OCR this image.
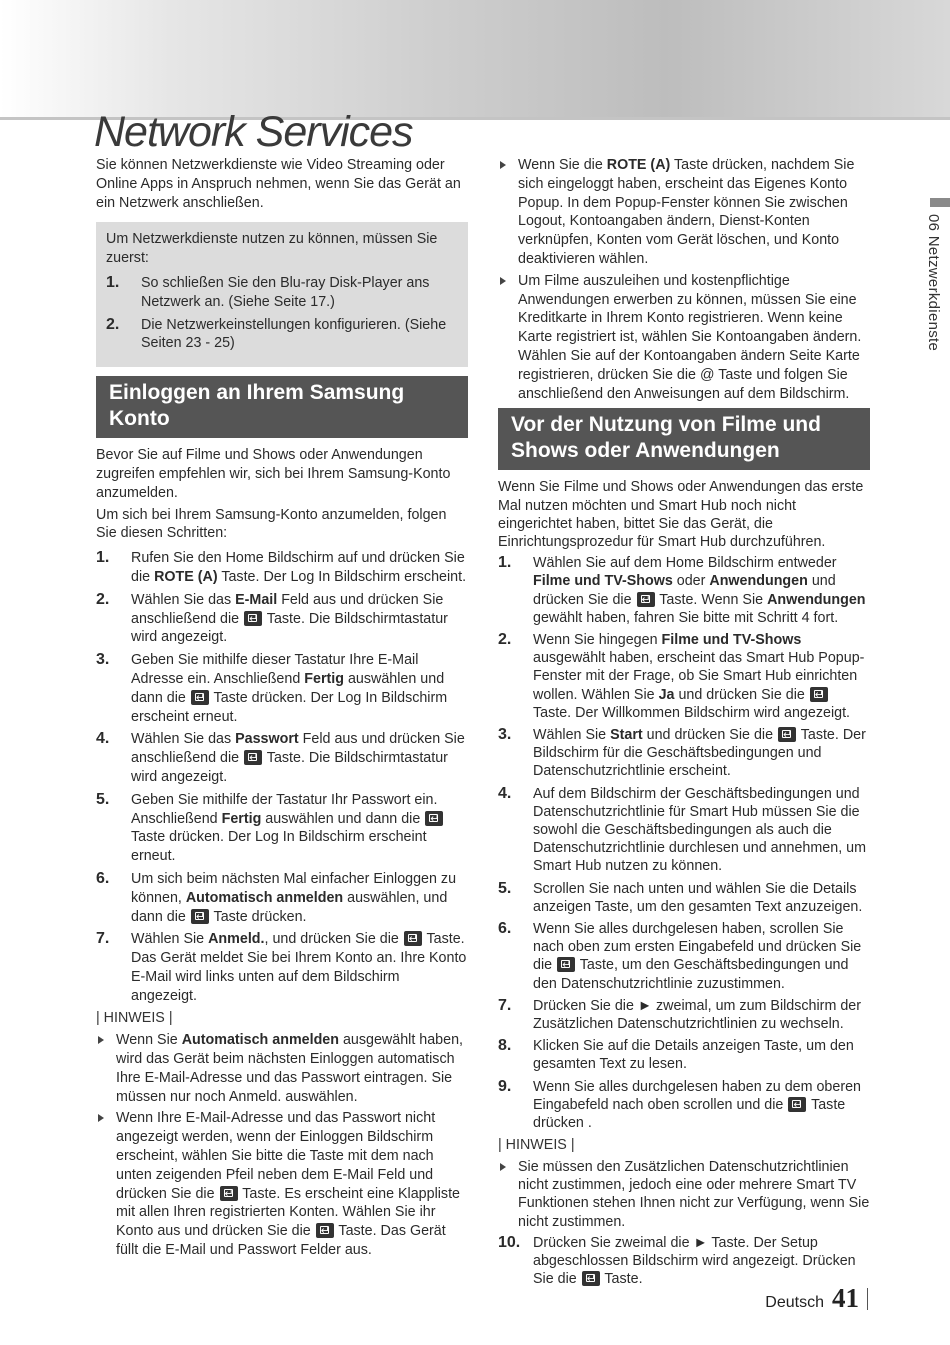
Network Services
06 Netzwerkdienste

Sie können Netzwerkdienste wie Video Streaming oder Online Apps in Anspruch nehmen, wenn Sie das Gerät an ein Netzwerk anschließen.

Um Netzwerkdienste nutzen zu können, müssen Sie zuerst:

1. So schließen Sie den Blu-ray Disk-Player ans Netzwerk an. (Siehe Seite 17.)
2. Die Netzwerkeinstellungen konfigurieren. (Siehe Seiten 23 - 25)
Einloggen an Ihrem Samsung Konto

Bevor Sie auf Filme und Shows oder Anwendungen zugreifen empfehlen wir, sich bei Ihrem Samsung-Konto anzumelden.

Um sich bei Ihrem Samsung-Konto anzumelden, folgen Sie diesen Schritten:

1. Rufen Sie den Home Bildschirm auf und drücken Sie die ROTE (A) Taste. Der Log In Bildschirm erscheint.
2. Wählen Sie das E-Mail Feld aus und drücken Sie anschließend die ↵ Taste. Die Bildschirmtastatur wird angezeigt.
3. Geben Sie mithilfe dieser Tastatur Ihre E-Mail Adresse ein. Anschließend Fertig auswählen und dann die ↵ Taste drücken. Der Log In Bildschirm erscheint erneut.
4. Wählen Sie das Passwort Feld aus und drücken Sie anschließend die ↵ Taste. Die Bildschirmtastatur wird angezeigt.
5. Geben Sie mithilfe der Tastatur Ihr Passwort ein. Anschließend Fertig auswählen und dann die ↵ Taste drücken. Der Log In Bildschirm erscheint erneut.
6. Um sich beim nächsten Mal einfacher Einloggen zu können, Automatisch anmelden auswählen, und dann die ↵ Taste drücken.
7. Wählen Sie Anmeld., und drücken Sie die ↵ Taste. Das Gerät meldet Sie bei Ihrem Konto an. Ihre Konto E-Mail wird links unten auf dem Bildschirm angezeigt.

| HINWEIS |

Wenn Sie Automatisch anmelden ausgewählt haben, wird das Gerät beim nächsten Einloggen automatisch Ihre E-Mail-Adresse und das Passwort eintragen. Sie müssen nur noch Anmeld. auswählen.
Wenn Ihre E-Mail-Adresse und das Passwort nicht angezeigt werden, wenn der Einloggen Bildschirm erscheint, wählen Sie bitte die Taste mit dem nach unten zeigenden Pfeil neben dem E-Mail Feld und drücken Sie die ↵ Taste. Es erscheint eine Klappliste mit allen Ihren registrierten Konten. Wählen Sie ihr Konto aus und drücken Sie die ↵ Taste. Das Gerät füllt die E-Mail und Passwort Felder aus.
Wenn Sie die ROTE (A) Taste drücken, nachdem Sie sich eingeloggt haben, erscheint das Eigenes Konto Popup. In dem Popup-Fenster können Sie zwischen Logout, Kontoangaben ändern, Dienst-Konten verknüpfen, Konten vom Gerät löschen, und Konto deaktivieren wählen.
Um Filme auszuleihen und kostenpflichtige Anwendungen erwerben zu können, müssen Sie eine Kreditkarte in Ihrem Konto registrieren. Wenn keine Karte registriert ist, wählen Sie Kontoangaben ändern. Wählen Sie auf der Kontoangaben ändern Seite Karte registrieren, drücken Sie die @ Taste und folgen Sie anschließend den Anweisungen auf dem Bildschirm.
Vor der Nutzung von Filme und Shows oder Anwendungen

Wenn Sie Filme und Shows oder Anwendungen das erste Mal nutzen möchten und Smart Hub noch nicht eingerichtet haben, bittet Sie das Gerät, die Einrichtungsprozedur für Smart Hub durchzuführen.

1. Wählen Sie auf dem Home Bildschirm entweder Filme und TV-Shows oder Anwendungen und drücken Sie die ↵ Taste. Wenn Sie Anwendungen gewählt haben, fahren Sie bitte mit Schritt 4 fort.
2. Wenn Sie hingegen Filme und TV-Shows ausgewählt haben, erscheint das Smart Hub Popup-Fenster mit der Frage, ob Sie Smart Hub einrichten wollen. Wählen Sie Ja und drücken Sie die ↵ Taste. Der Willkommen Bildschirm wird angezeigt.
3. Wählen Sie Start und drücken Sie die ↵ Taste. Der Bildschirm für die Geschäftsbedingungen und Datenschutzrichtlinie erscheint.
4. Auf dem Bildschirm der Geschäftsbedingungen und Datenschutzrichtlinie für Smart Hub müssen Sie die sowohl die Geschäftsbedingungen als auch die Datenschutzrichtlinie durchlesen und annehmen, um Smart Hub nutzen zu können.
5. Scrollen Sie nach unten und wählen Sie die Details anzeigen Taste, um den gesamten Text anzuzeigen.
6. Wenn Sie alles durchgelesen haben, scrollen Sie nach oben zum ersten Eingabefeld und drücken Sie die ↵ Taste, um den Geschäftsbedingungen und den Datenschutzrichtlinie zuzustimmen.
7. Drücken Sie die ► zweimal, um zum Bildschirm der Zusätzlichen Datenschutzrichtlinien zu wechseln.
8. Klicken Sie auf die Details anzeigen Taste, um den gesamten Text zu lesen.
9. Wenn Sie alles durchgelesen haben zu dem oberen Eingabefeld nach oben scrollen und die ↵ Taste drücken .

| HINWEIS |

Sie müssen den Zusätzlichen Datenschutzrichtlinien nicht zustimmen, jedoch eine oder mehrere Smart TV Funktionen stehen Ihnen nicht zur Verfügung, wenn Sie nicht zustimmen.
10. Drücken Sie zweimal die ► Taste. Der Setup abgeschlossen Bildschirm wird angezeigt. Drücken Sie die ↵ Taste.
Deutsch 41
